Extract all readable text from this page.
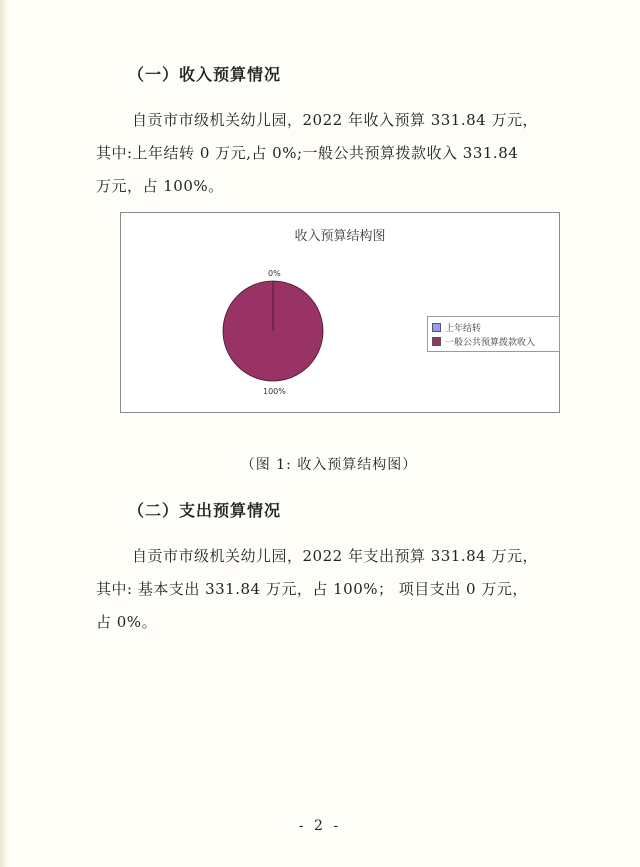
（一）收入预算情况
自贡市市级机关幼儿园，2022 年收入预算 331.84 万元，
其中:上年结转 0 万元,占 0%;一般公共预算拨款收入 331.84
万元，占 100%。
收入预算结构图
0%
100%
上年结转
一般公共预算拨款收入
（图 1: 收入预算结构图）
（二）支出预算情况
自贡市市级机关幼儿园，2022 年支出预算 331.84 万元，
其中: 基本支出 331.84 万元，占 100%； 项目支出 0 万元，
占 0%。
- 2 -
